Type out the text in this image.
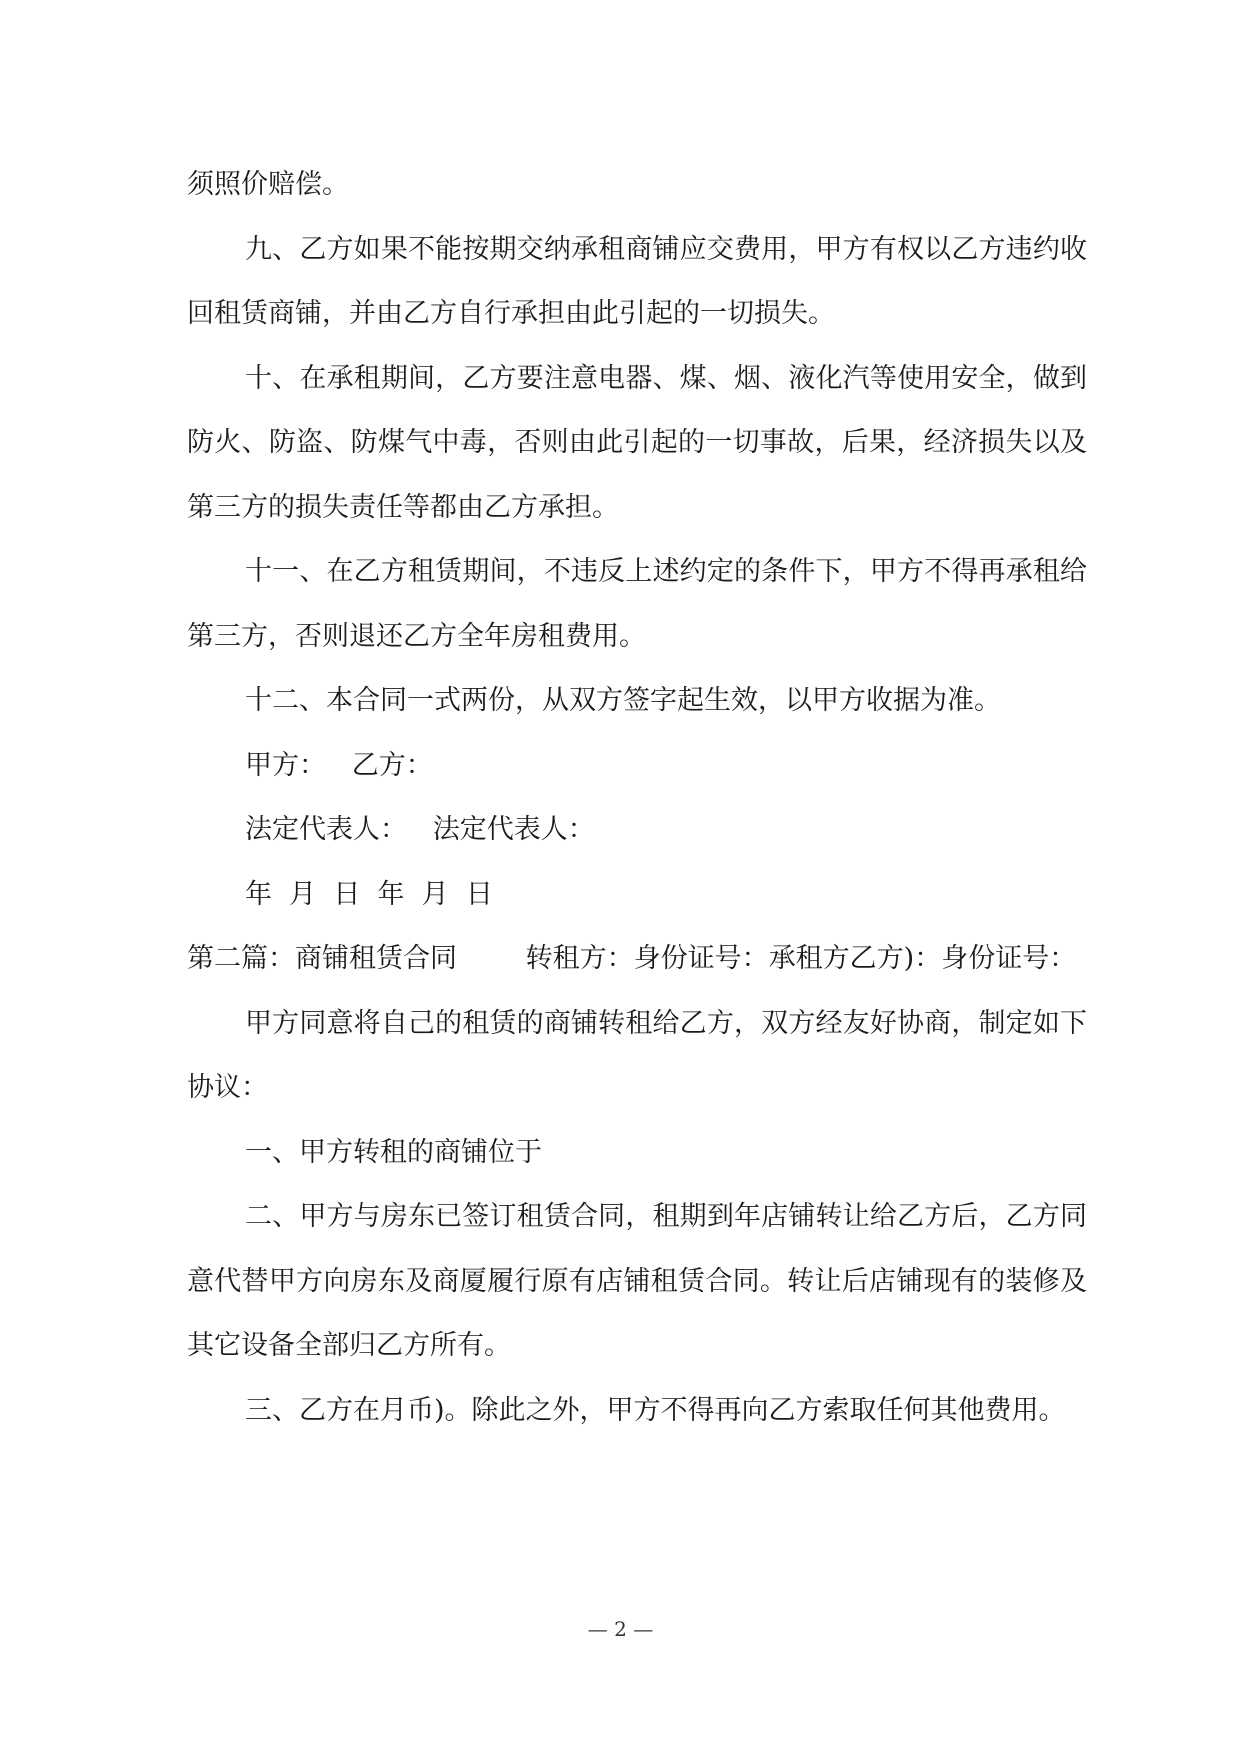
须照价赔偿。

九、乙方如果不能按期交纳承租商铺应交费用，甲方有权以乙方违约收回租赁商铺，并由乙方自行承担由此引起的一切损失。

十、在承租期间，乙方要注意电器、煤、烟、液化汽等使用安全，做到防火、防盗、防煤气中毒，否则由此引起的一切事故，后果，经济损失以及第三方的损失责任等都由乙方承担。

十一、在乙方租赁期间，不违反上述约定的条件下，甲方不得再承租给第三方，否则退还乙方全年房租费用。

十二、本合同一式两份，从双方签字起生效，以甲方收据为准。

甲方：   乙方：

法定代表人：   法定代表人：

年  月  日  年  月  日

第二篇：商铺租赁合同        转租方：身份证号：承租方乙方)：身份证号：

甲方同意将自己的租赁的商铺转租给乙方，双方经友好协商，制定如下协议：

一、甲方转租的商铺位于

二、甲方与房东已签订租赁合同，租期到年店铺转让给乙方后，乙方同意代替甲方向房东及商厦履行原有店铺租赁合同。转让后店铺现有的装修及其它设备全部归乙方所有。

三、乙方在月币)。除此之外，甲方不得再向乙方索取任何其他费用。

— 2 —
